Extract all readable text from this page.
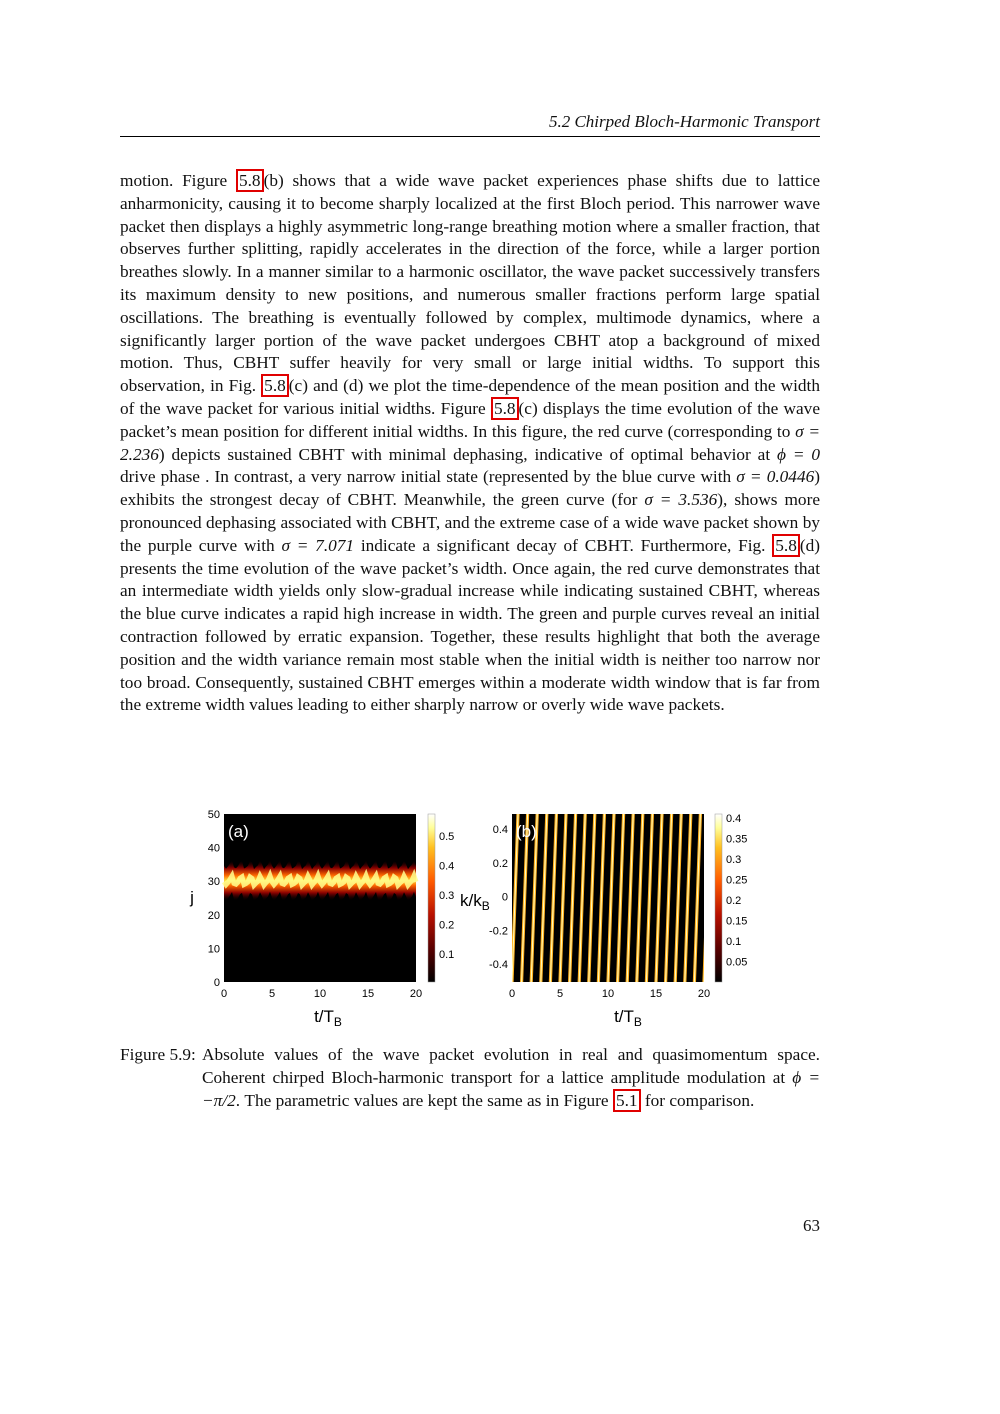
5.2 Chirped Bloch-Harmonic Transport
motion. Figure 5.8 (b) shows that a wide wave packet experiences phase shifts due to lattice anharmonicity, causing it to become sharply localized at the first Bloch period. This narrower wave packet then displays a highly asymmetric long-range breathing motion where a smaller fraction, that observes further splitting, rapidly accelerates in the direction of the force, while a larger portion breathes slowly. In a manner similar to a harmonic oscillator, the wave packet successively transfers its maximum density to new positions, and numerous smaller fractions perform large spatial oscillations. The breathing is eventually followed by complex, multimode dynamics, where a significantly larger portion of the wave packet undergoes CBHT atop a background of mixed motion. Thus, CBHT suffer heavily for very small or large initial widths. To support this observation, in Fig. 5.8 (c) and (d) we plot the time-dependence of the mean position and the width of the wave packet for various initial widths. Figure 5.8 (c) displays the time evolution of the wave packet’s mean position for different initial widths. In this figure, the red curve (corresponding to σ = 2.236) depicts sustained CBHT with minimal dephasing, indicative of optimal behavior at ϕ = 0 drive phase . In contrast, a very narrow initial state (represented by the blue curve with σ = 0.0446) exhibits the strongest decay of CBHT. Meanwhile, the green curve (for σ = 3.536), shows more pronounced dephasing associated with CBHT, and the extreme case of a wide wave packet shown by the purple curve with σ = 7.071 indicate a significant decay of CBHT. Furthermore, Fig. 5.8 (d) presents the time evolution of the wave packet’s width. Once again, the red curve demonstrates that an intermediate width yields only slow-gradual increase while indicating sustained CBHT, whereas the blue curve indicates a rapid high increase in width. The green and purple curves reveal an initial contraction followed by erratic expansion. Together, these results highlight that both the average position and the width variance remain most stable when the initial width is neither too narrow nor too broad. Consequently, sustained CBHT emerges within a moderate width window that is far from the extreme width values leading to either sharply narrow or overly wide wave packets.
(a)
0
10
20
30
40
50
0	5	10	15	20
j
$t/T_B$
0.5
0.4
0.3
0.2
0.1
(b)
0.4
0.2
0
-0.2
-0.4
0	5	10	15	20
$k/k_B$
$t/T_B$
0.4
0.35
0.3
0.25
0.2
0.15
0.1
0.05
Figure 5.9: Absolute values of the wave packet evolution in real and quasimomentum space. Coherent chirped Bloch-harmonic transport for a lattice amplitude modulation at ϕ = −π/2. The parametric values are kept the same as in Figure 5.1 for comparison.
63
